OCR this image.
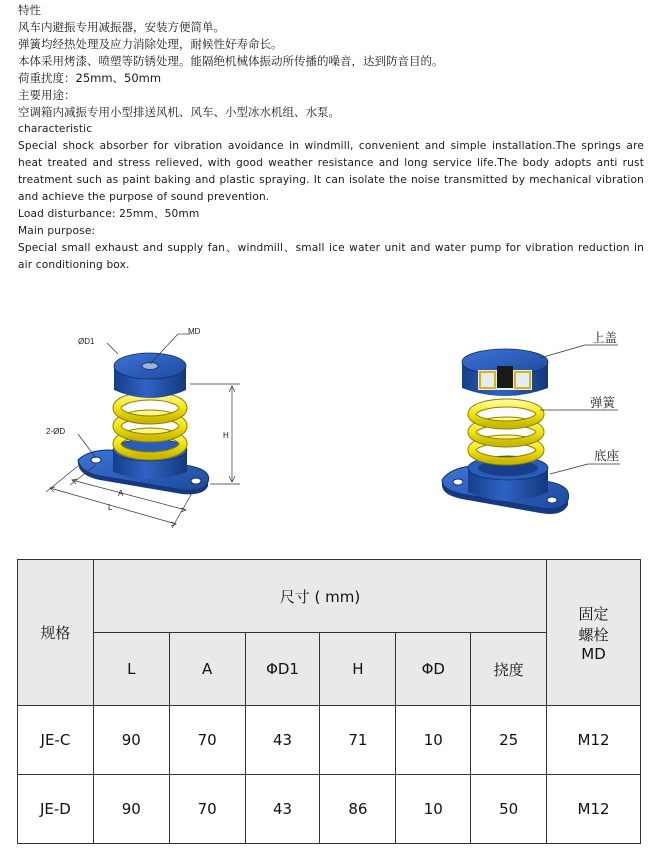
特性
风车内避振专用减振器，安装方便简单。
弹簧均经热处理及应力消除处理，耐候性好寿命长。
本体采用烤漆、喷塑等防锈处理。能隔绝机械体振动所传播的噪音，达到防音目的。
荷重扰度：25mm、50mm
主要用途：
空调箱内减振专用小型排送风机、风车、小型冰水机组、水泵。
characteristic
Special shock absorber for vibration avoidance in windmill, convenient and simple installation.The springs are heat treated and stress relieved, with good weather resistance and long service life.The body adopts anti rust treatment such as paint baking and plastic spraying. It can isolate the noise transmitted by mechanical vibration and achieve the purpose of sound prevention.
Load disturbance: 25mm、50mm
Main purpose:
Special small exhaust and supply fan、windmill、small ice water unit and water pump for vibration reduction in air conditioning box.
ØD1
MD
2-ØD	H
A
L
上盖
弹簧
底座
规格	尺寸 ( mm)						固定
螺栓
MD

	L	A	ΦD1	H	ΦD	挠度	
JE-C	90	70	43	71	10	25	M12
JE-D	90	70	43	86	10	50	M12
